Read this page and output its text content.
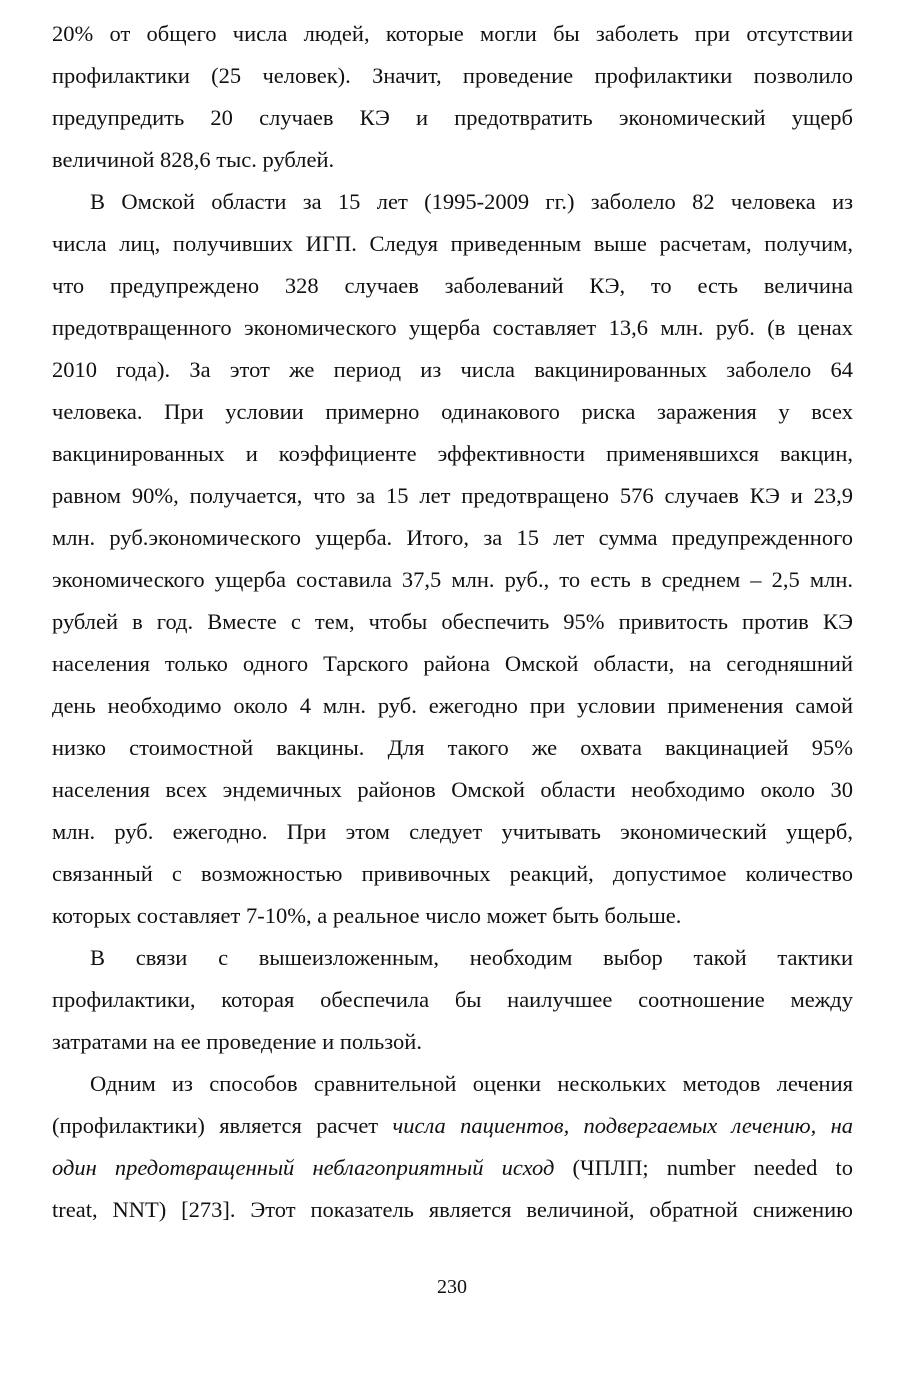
20% от общего числа людей, которые могли бы заболеть при отсутствии
профилактики (25 человек). Значит, проведение профилактики позволило
предупредить 20 случаев КЭ и предотвратить экономический ущерб
величиной 828,6 тыс. рублей.
В Омской области за 15 лет (1995-2009 гг.) заболело 82 человека из
числа лиц, получивших ИГП. Следуя приведенным выше расчетам, получим,
что предупреждено 328 случаев заболеваний КЭ, то есть величина
предотвращенного экономического ущерба составляет 13,6 млн. руб. (в ценах
2010 года). За этот же период из числа вакцинированных заболело 64
человека. При условии примерно одинакового риска заражения у всех
вакцинированных и коэффициенте эффективности применявшихся вакцин,
равном 90%, получается, что за 15 лет предотвращено 576 случаев КЭ и 23,9
млн. руб.экономического ущерба. Итого, за 15 лет сумма предупрежденного
экономического ущерба составила 37,5 млн. руб., то есть в среднем – 2,5 млн.
рублей в год. Вместе с тем, чтобы обеспечить 95% привитость против КЭ
населения только одного Тарского района Омской области, на сегодняшний
день необходимо около 4 млн. руб. ежегодно при условии применения самой
низко стоимостной вакцины. Для такого же охвата вакцинацией 95%
населения всех эндемичных районов Омской области необходимо около 30
млн. руб. ежегодно. При этом следует учитывать экономический ущерб,
связанный с возможностью прививочных реакций, допустимое количество
которых составляет 7-10%, а реальное число может быть больше.
В связи с вышеизложенным, необходим выбор такой тактики
профилактики, которая обеспечила бы наилучшее соотношение между
затратами на ее проведение и пользой.
Одним из способов сравнительной оценки нескольких методов лечения
(профилактики) является расчет числа пациентов, подвергаемых лечению, на
один предотвращенный неблагоприятный исход (ЧПЛП; number needed to
treat, NNT) [273]. Этот показатель является величиной, обратной снижению
230
